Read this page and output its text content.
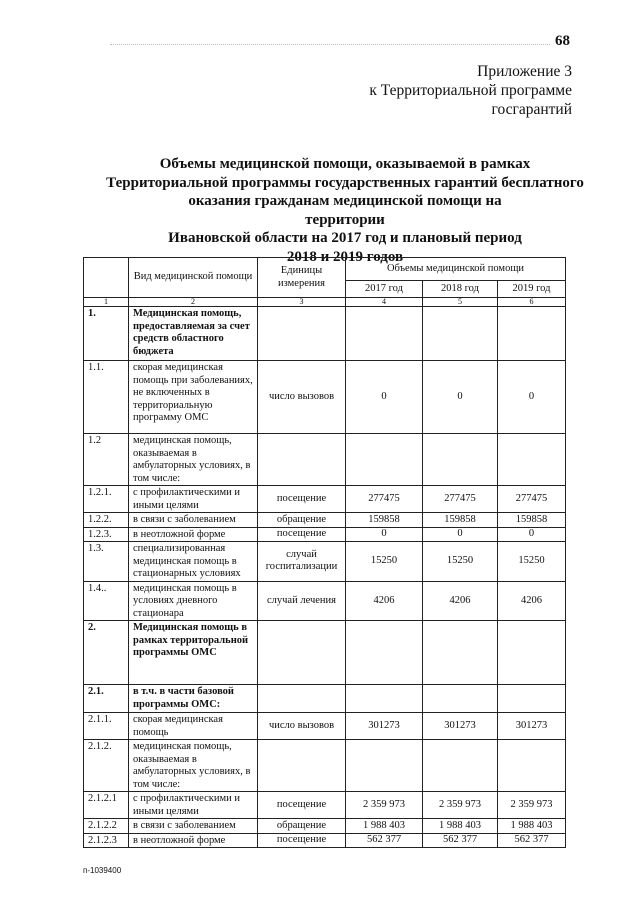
68
Приложение 3
к Территориальной программе
госгарантий
Объемы медицинской помощи, оказываемой в рамках
Территориальной программы государственных гарантий бесплатного
оказания гражданам медицинской помощи на территории
Ивановской области на 2017 год и плановый период
2018 и 2019 годов
	Вид медицинской помощи	Единицы измерения	Объемы медицинской помощи		
			2017 год	2018 год	2019 год
1	2	3	4	5	6
1.	Медицинская помощь, предоставляемая за счет средств областного бюджета				
1.1.	скорая медицинская помощь при заболеваниях, не включенных в территориальную программу ОМС	число вызовов	0	0	0
1.2	медицинская помощь, оказываемая в амбулаторных условиях, в том числе:				
1.2.1.	с профилактическими и иными целями	посещение	277475	277475	277475
1.2.2.	в связи с заболеванием	обращение	159858	159858	159858
1.2.3.	в неотложной форме	посещение	0	0	0
1.3.	специализированная медицинская помощь в стационарных условиях	случай госпитализации	15250	15250	15250
1.4..	медицинская помощь в условиях дневного стационара	случай лечения	4206	4206	4206
2.	Медицинская помощь в рамках территоральной программы ОМС				
2.1.	в т.ч. в части базовой программы ОМС:				
2.1.1.	скорая медицинская помощь	число вызовов	301273	301273	301273
2.1.2.	медицинская помощь, оказываемая в амбулаторных условиях, в том числе:				
2.1.2.1	с профилактическими и иными целями	посещение	2 359 973	2 359 973	2 359 973
2.1.2.2	в связи с заболеванием	обращение	1 988 403	1 988 403	1 988 403
2.1.2.3	в неотложной форме	посещение	562 377	562 377	562 377
п-1039400
